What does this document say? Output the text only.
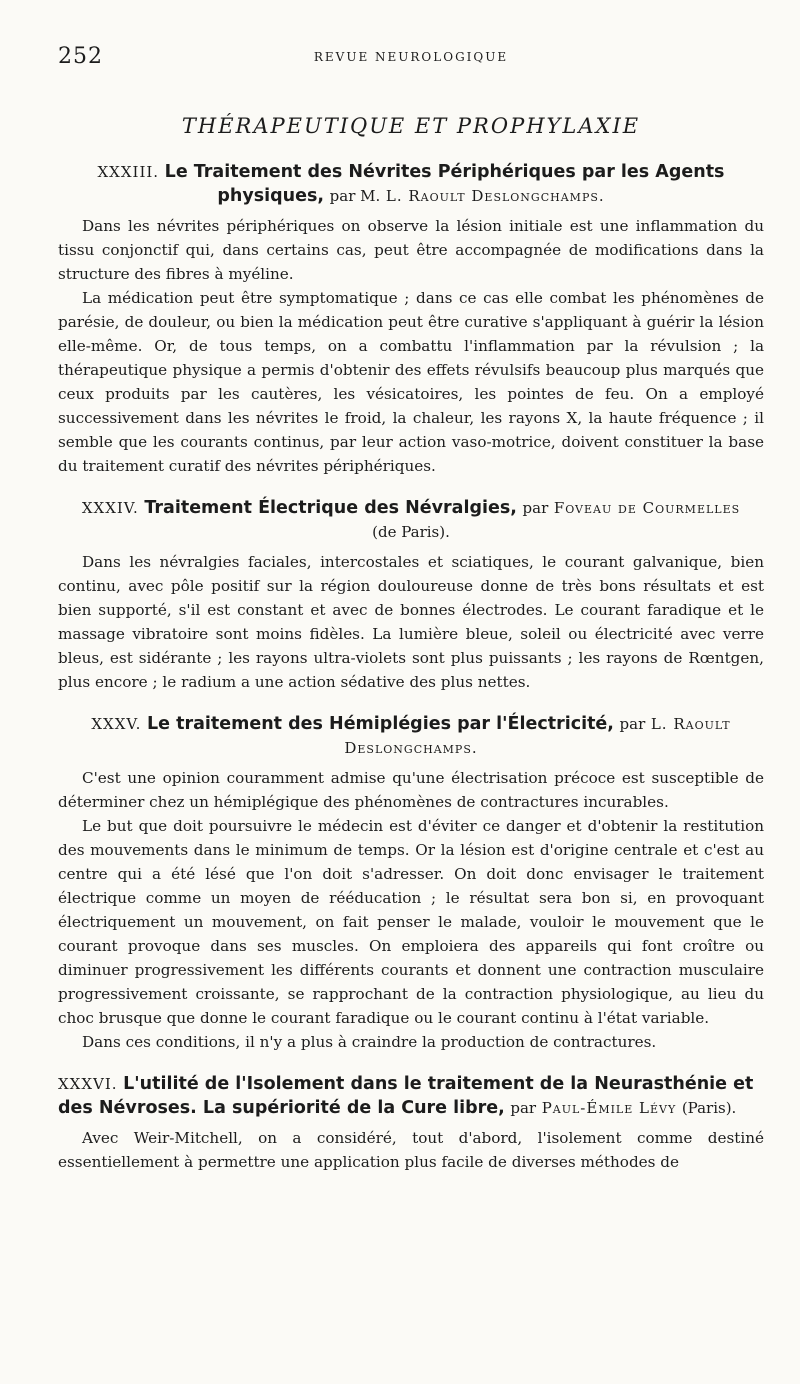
252	REVUE NEUROLOGIQUE
THÉRAPEUTIQUE ET PROPHYLAXIE
XXXIII. Le Traitement des Névrites Périphériques par les Agents physiques, par M. L. Raoult Deslongchamps.

Dans les névrites périphériques on observe la lésion initiale est une inflammation du tissu conjonctif qui, dans certains cas, peut être accompagnée de modifications dans la structure des fibres à myéline.

La médication peut être symptomatique ; dans ce cas elle combat les phénomènes de parésie, de douleur, ou bien la médication peut être curative s'appliquant à guérir la lésion elle-même. Or, de tous temps, on a combattu l'inflammation par la révulsion ; la thérapeutique physique a permis d'obtenir des effets révulsifs beaucoup plus marqués que ceux produits par les cautères, les vésicatoires, les pointes de feu. On a employé successivement dans les névrites le froid, la chaleur, les rayons X, la haute fréquence ; il semble que les courants continus, par leur action vaso-motrice, doivent constituer la base du traitement curatif des névrites périphériques.

XXXIV. Traitement Électrique des Névralgies, par Foveau de Courmelles
(de Paris).

Dans les névralgies faciales, intercostales et sciatiques, le courant galvanique, bien continu, avec pôle positif sur la région douloureuse donne de très bons résultats et est bien supporté, s'il est constant et avec de bonnes électrodes. Le courant faradique et le massage vibratoire sont moins fidèles. La lumière bleue, soleil ou électricité avec verre bleus, est sidérante ; les rayons ultra-violets sont plus puissants ; les rayons de Rœntgen, plus encore ; le radium a une action sédative des plus nettes.

XXXV. Le traitement des Hémiplégies par l'Électricité, par L. Raoult Deslongchamps.

C'est une opinion couramment admise qu'une électrisation précoce est susceptible de déterminer chez un hémiplégique des phénomènes de contractures incurables.

Le but que doit poursuivre le médecin est d'éviter ce danger et d'obtenir la restitution des mouvements dans le minimum de temps. Or la lésion est d'origine centrale et c'est au centre qui a été lésé que l'on doit s'adresser. On doit donc envisager le traitement électrique comme un moyen de rééducation ; le résultat sera bon si, en provoquant électriquement un mouvement, on fait penser le malade, vouloir le mouvement que le courant provoque dans ses muscles. On emploiera des appareils qui font croître ou diminuer progressivement les différents courants et donnent une contraction musculaire progressivement croissante, se rapprochant de la contraction physiologique, au lieu du choc brusque que donne le courant faradique ou le courant continu à l'état variable.

Dans ces conditions, il n'y a plus à craindre la production de contractures.

XXXVI. L'utilité de l'Isolement dans le traitement de la Neurasthénie et des Névroses. La supériorité de la Cure libre, par Paul-Émile Lévy (Paris).

Avec Weir-Mitchell, on a considéré, tout d'abord, l'isolement comme destiné essentiellement à permettre une application plus facile de diverses méthodes de
